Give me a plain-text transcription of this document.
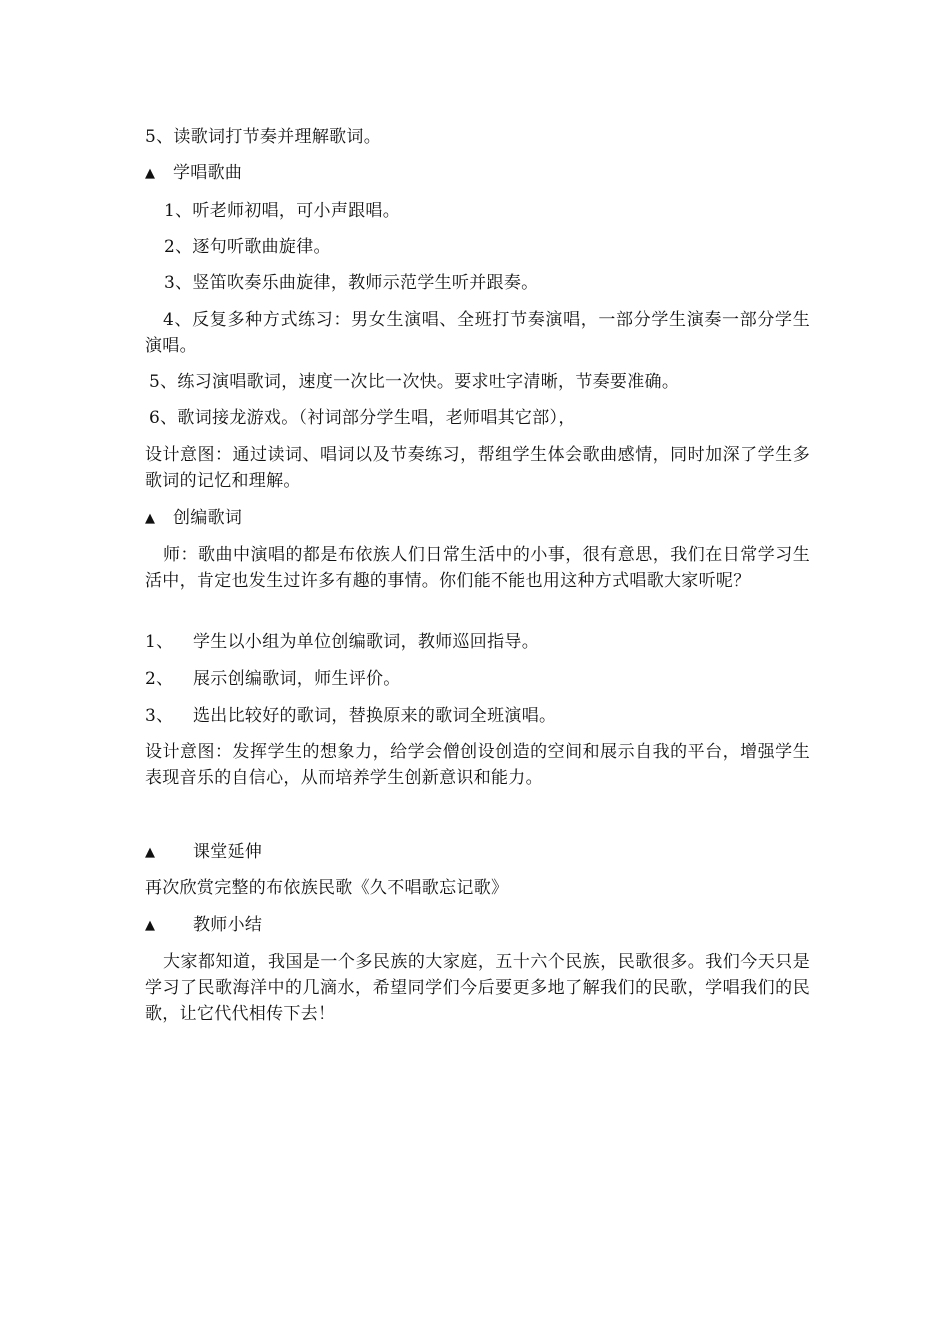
5、读歌词打节奏并理解歌词。
▲ 学唱歌曲
1、听老师初唱，可小声跟唱。
2、逐句听歌曲旋律。
3、竖笛吹奏乐曲旋律，教师示范学生听并跟奏。
4、反复多种方式练习：男女生演唱、全班打节奏演唱，一部分学生演奏一部分学生演唱。
5、练习演唱歌词，速度一次比一次快。要求吐字清晰，节奏要准确。
6、歌词接龙游戏。（衬词部分学生唱，老师唱其它部），
设计意图：通过读词、唱词以及节奏练习，帮组学生体会歌曲感情，同时加深了学生多歌词的记忆和理解。
▲ 创编歌词
师：歌曲中演唱的都是布依族人们日常生活中的小事，很有意思，我们在日常学习生活中，肯定也发生过许多有趣的事情。你们能不能也用这种方式唱歌大家听呢？
1、 学生以小组为单位创编歌词，教师巡回指导。
2、 展示创编歌词，师生评价。
3、 选出比较好的歌词，替换原来的歌词全班演唱。
设计意图：发挥学生的想象力，给学会僧创设创造的空间和展示自我的平台，增强学生表现音乐的自信心，从而培养学生创新意识和能力。
▲ 课堂延伸
再次欣赏完整的布依族民歌《久不唱歌忘记歌》
▲ 教师小结
大家都知道，我国是一个多民族的大家庭，五十六个民族，民歌很多。我们今天只是学习了民歌海洋中的几滴水，希望同学们今后要更多地了解我们的民歌，学唱我们的民歌，让它代代相传下去！
